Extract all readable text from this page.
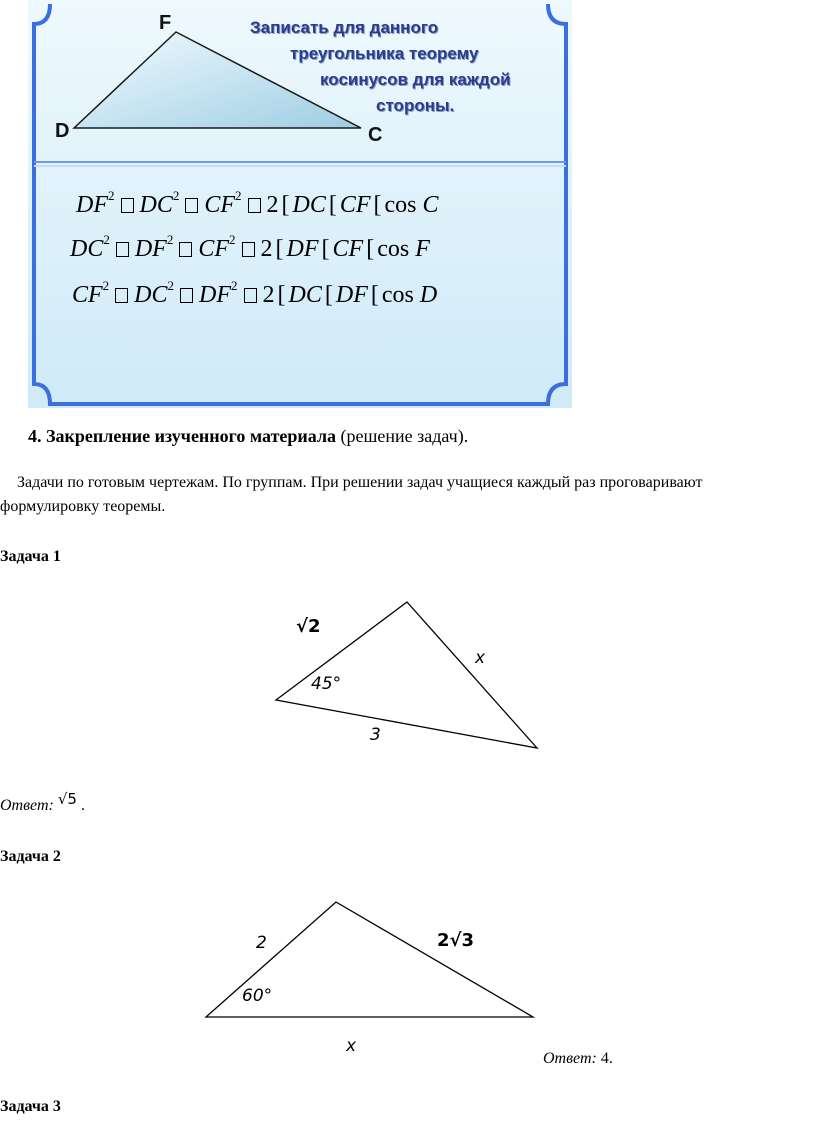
F
D	C
Записать для данного
треугольника теорему
косинусов для каждой
стороны.
$DF^2$ $DC^2$ $CF^2$ 2 [ DC [ CF [ cos C
$DC^2$ $DF^2$ $CF^2$ 2 [ DF [ CF [ cos F
$CF^2$ $DC^2$ $DF^2$ 2 [ DC [ DF [ cos D
4. Закрепление изученного материала (решение задач).
Задачи по готовым чертежам. По группам. При решении задач учащиеся каждый раз проговаривают
формулировку теоремы.
Задача 1
√2
45°
3
x
Ответ: √5 .
Задача 2
2
60°
2√3
x
Ответ: 4.
Задача 3
